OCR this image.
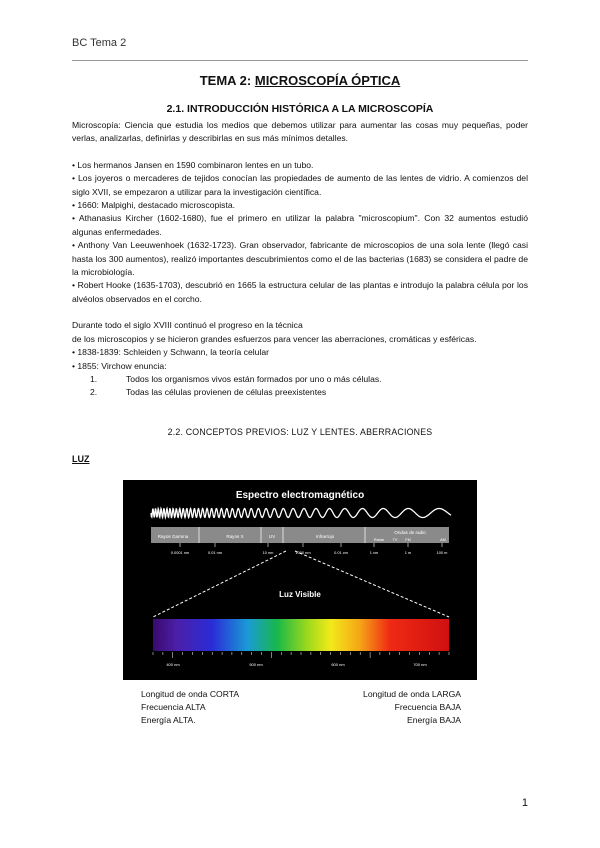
BC Tema 2
TEMA 2: MICROSCOPÍA ÓPTICA
2.1. INTRODUCCIÓN HISTÓRICA A LA MICROSCOPÍA

Microscopía: Ciencia que estudia los medios que debemos utilizar para aumentar las cosas muy pequeñas, poder verlas, analizarlas, definirlas y describirlas en sus más mínimos detalles.

• Los hermanos Jansen en 1590 combinaron lentes en un tubo.

• Los joyeros o mercaderes de tejidos conocían las propiedades de aumento de las lentes de vidrio. A comienzos del siglo XVII, se empezaron a utilizar para la investigación científica.

• 1660: Malpighi, destacado microscopista.

• Athanasius Kircher (1602-1680), fue el primero en utilizar la palabra "microscopium". Con 32 aumentos estudió algunas enfermedades.

• Anthony Van Leeuwenhoek (1632-1723). Gran observador, fabricante de microscopios de una sola lente (llegó casi hasta los 300 aumentos), realizó importantes descubrimientos como el de las bacterias (1683) se considera el padre de la microbiología.

• Robert Hooke (1635-1703), descubrió en 1665 la estructura celular de las plantas e introdujo la palabra célula por los alvéolos observados en el corcho.

Durante todo el siglo XVIII continuó el progreso en la técnica

de los microscopios y se hicieron grandes esfuerzos para vencer las aberraciones, cromáticas y esféricas.

• 1838-1839: Schleiden y Schwann, la teoría celular

• 1855: Virchow enuncia:

1.	Todos los organismos vivos están formados por uno o más células.
2.	Todas las células provienen de células preexistentes
2.2. CONCEPTOS PREVIOS: LUZ Y LENTES. ABERRACIONES
LUZ
Espectro electromagnético
Rayos Gamma	Rayos X	UV	Infrarrojo
Ondas de radio
Radar TV FM	AM
0.0001 nm	0.01 nm	10 nm	1000 nm	0.01 cm	1 cm	1 m	100 m
Luz Visible
400 nm	500 nm	600 nm	700 nm
Longitud de onda CORTA
Frecuencia ALTA
Energía ALTA.
Longitud de onda LARGA
Frecuencia BAJA
Energía BAJA
1
